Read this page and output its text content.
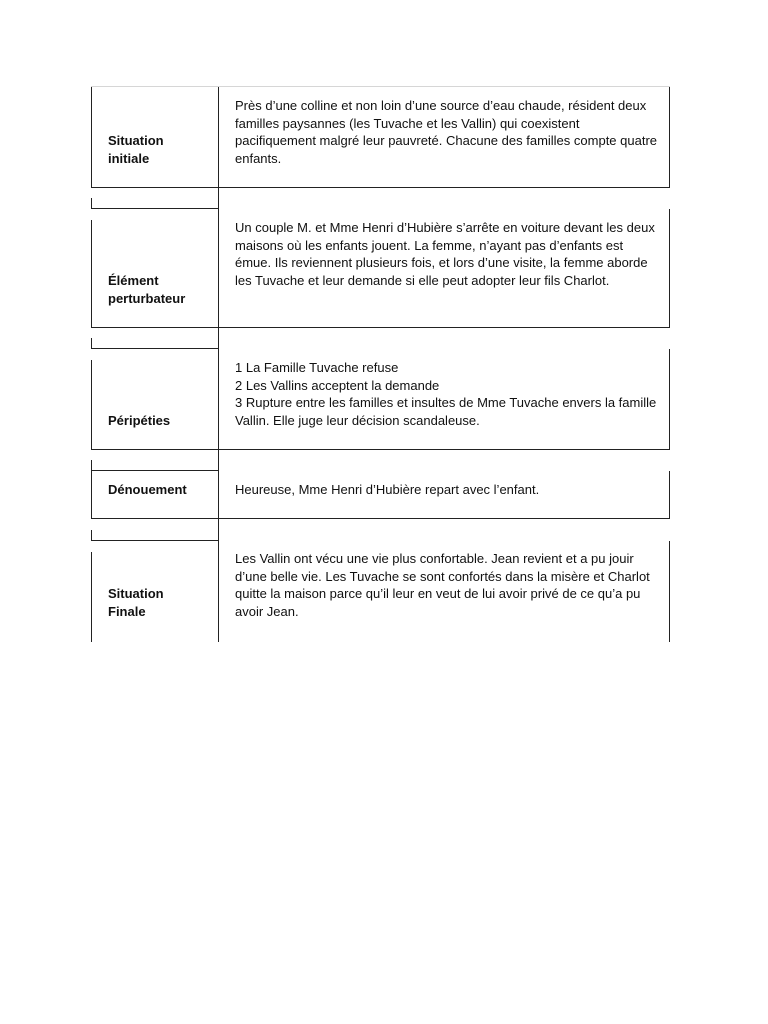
Situation
initiale
Près d’une colline et non loin d’une source d’eau chaude, résident deux familles paysannes (les Tuvache et les Vallin) qui coexistent pacifiquement malgré leur pauvreté. Chacune des familles compte quatre enfants.
Élément
perturbateur
Un couple M. et Mme Henri d’Hubière s’arrête en voiture devant les deux maisons où les enfants jouent. La femme, n’ayant pas d’enfants est émue. Ils reviennent plusieurs fois, et lors d’une visite, la femme aborde les Tuvache et leur demande si elle peut adopter leur fils Charlot.
Péripéties
1 La Famille Tuvache refuse
2 Les Vallins acceptent la demande
3 Rupture entre les familles et insultes de Mme Tuvache envers la famille Vallin. Elle juge leur décision scandaleuse.
Dénouement	Heureuse, Mme Henri d’Hubière repart avec l’enfant.
Situation
Finale
Les Vallin ont vécu une vie plus confortable. Jean revient et a pu jouir d’une belle vie. Les Tuvache se sont confortés dans la misère et Charlot quitte la maison parce qu’il leur en veut de lui avoir privé de ce qu’a pu avoir Jean.
